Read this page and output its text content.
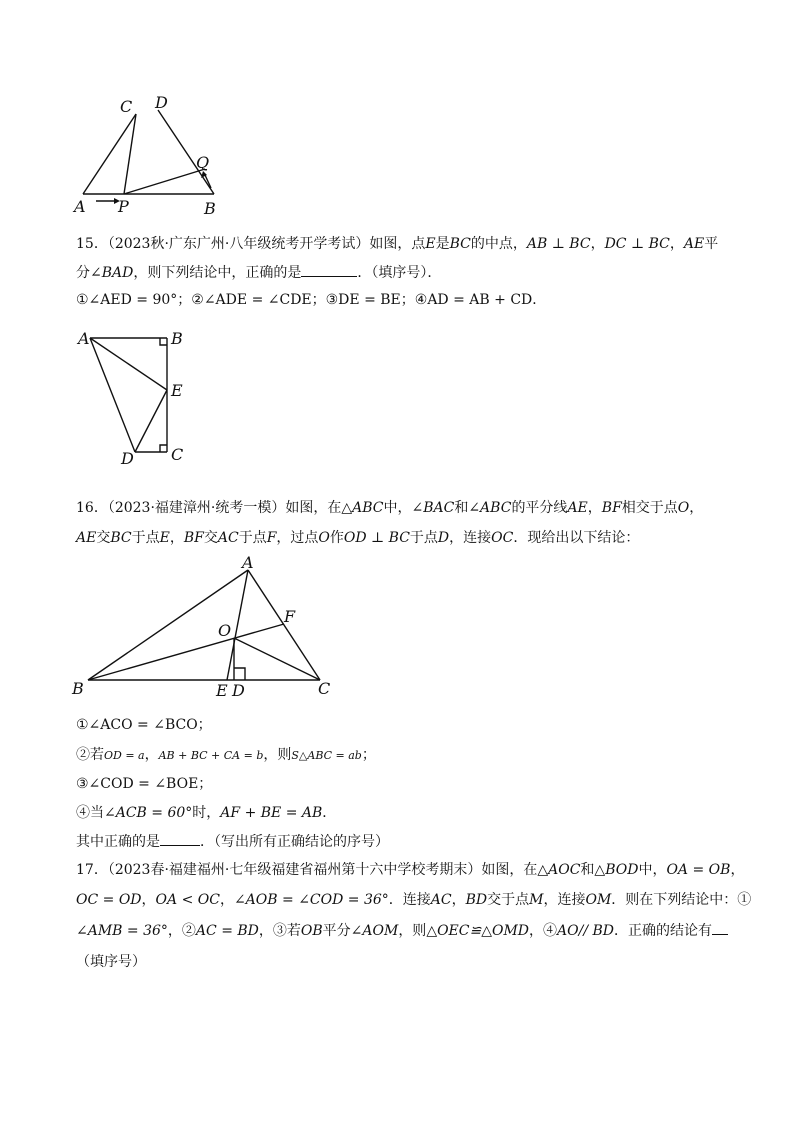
C D
Q
A P	B
15．（2023秋·广东广州·八年级统考开学考试）如图，点E是BC的中点，AB ⊥ BC，DC ⊥ BC，AE平
分∠BAD，则下列结论中，正确的是	．（填序号）．
①∠AED = 90°；②∠ADE = ∠CDE；③DE = BE；④AD = AB + CD．
A	B
E
D C
16．（2023·福建漳州·统考一模）如图，在△ABC中，∠BAC和∠ABC的平分线AE，BF相交于点O，
AE交BC于点E，BF交AC于点F，过点O作OD ⊥ BC于点D，连接OC．现给出以下结论：
A
F
O
B	E D	C
①∠ACO = ∠BCO；
②若OD = a，AB + BC + CA = b，则S△ABC = ab；
③∠COD = ∠BOE；
④当∠ACB = 60°时，AF + BE = AB．
其中正确的是	．（写出所有正确结论的序号）
17．（2023春·福建福州·七年级福建省福州第十六中学校考期末）如图，在△AOC和△BOD中，OA = OB，
OC = OD，OA < OC，∠AOB = ∠COD = 36°．连接AC，BD交于点M，连接OM．则在下列结论中：①
∠AMB = 36°，②AC = BD，③若OB平分∠AOM，则△OEC≌△OMD，④AO// BD．正确的结论有
（填序号）
